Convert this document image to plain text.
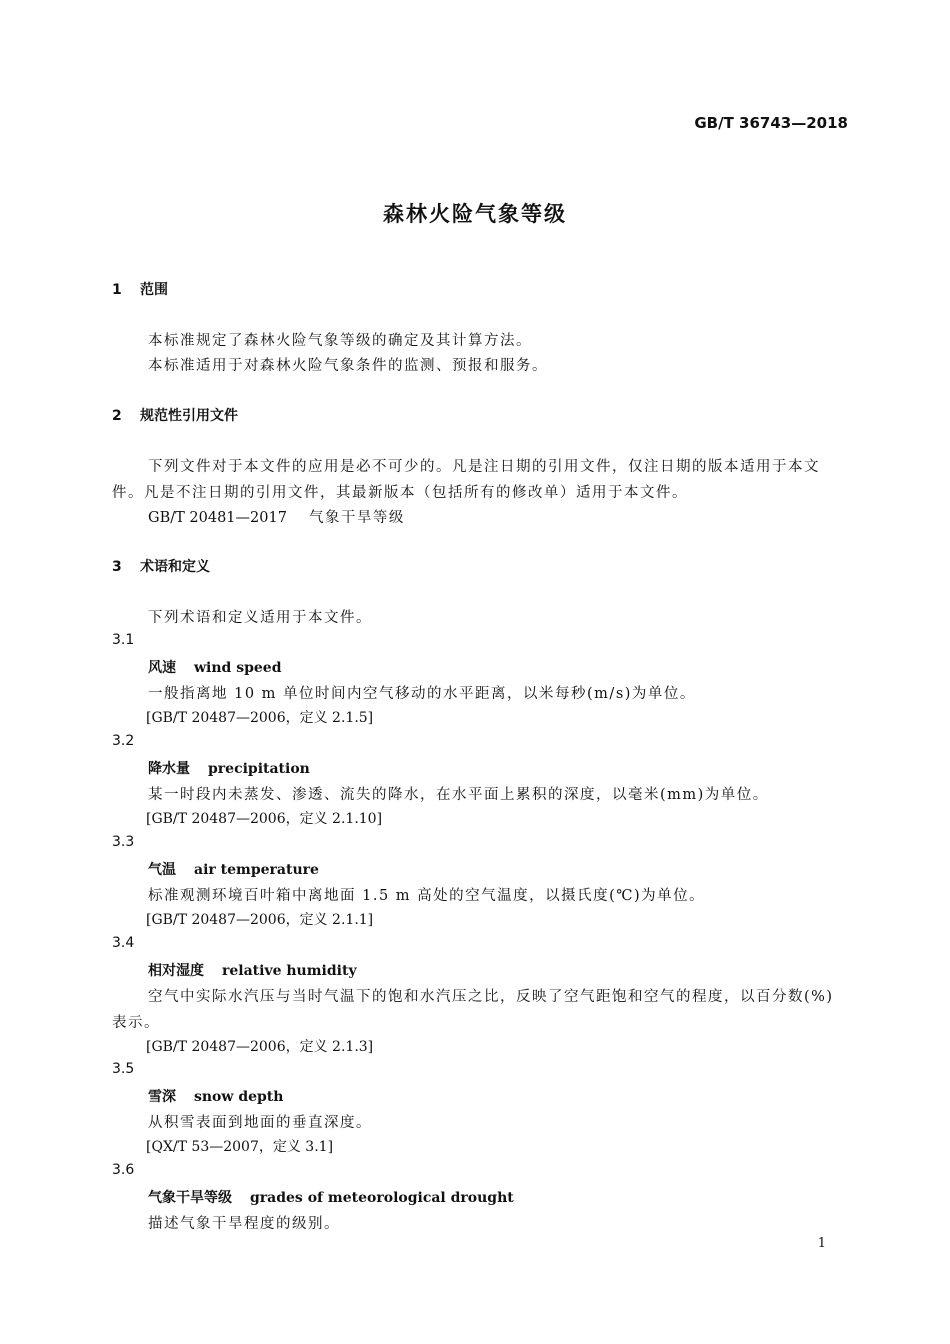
GB/T 36743—2018
森林火险气象等级
1 范围
本标准规定了森林火险气象等级的确定及其计算方法。
本标准适用于对森林火险气象条件的监测、预报和服务。
2 规范性引用文件
下列文件对于本文件的应用是必不可少的。凡是注日期的引用文件，仅注日期的版本适用于本文
件。凡是不注日期的引用文件，其最新版本（包括所有的修改单）适用于本文件。
GB/T 20481—2017 气象干旱等级
3 术语和定义
下列术语和定义适用于本文件。
3.1
风速 wind speed
一般指离地 10 m 单位时间内空气移动的水平距离，以米每秒(m/s)为单位。
[GB/T 20487—2006，定义 2.1.5]
3.2
降水量 precipitation
某一时段内未蒸发、渗透、流失的降水，在水平面上累积的深度，以毫米(mm)为单位。
[GB/T 20487—2006，定义 2.1.10]
3.3
气温 air temperature
标准观测环境百叶箱中离地面 1.5 m 高处的空气温度，以摄氏度(℃)为单位。
[GB/T 20487—2006，定义 2.1.1]
3.4
相对湿度 relative humidity
空气中实际水汽压与当时气温下的饱和水汽压之比，反映了空气距饱和空气的程度，以百分数(%)
表示。
[GB/T 20487—2006，定义 2.1.3]
3.5
雪深 snow depth
从积雪表面到地面的垂直深度。
[QX/T 53—2007，定义 3.1]
3.6
气象干旱等级 grades of meteorological drought
描述气象干旱程度的级别。
1
